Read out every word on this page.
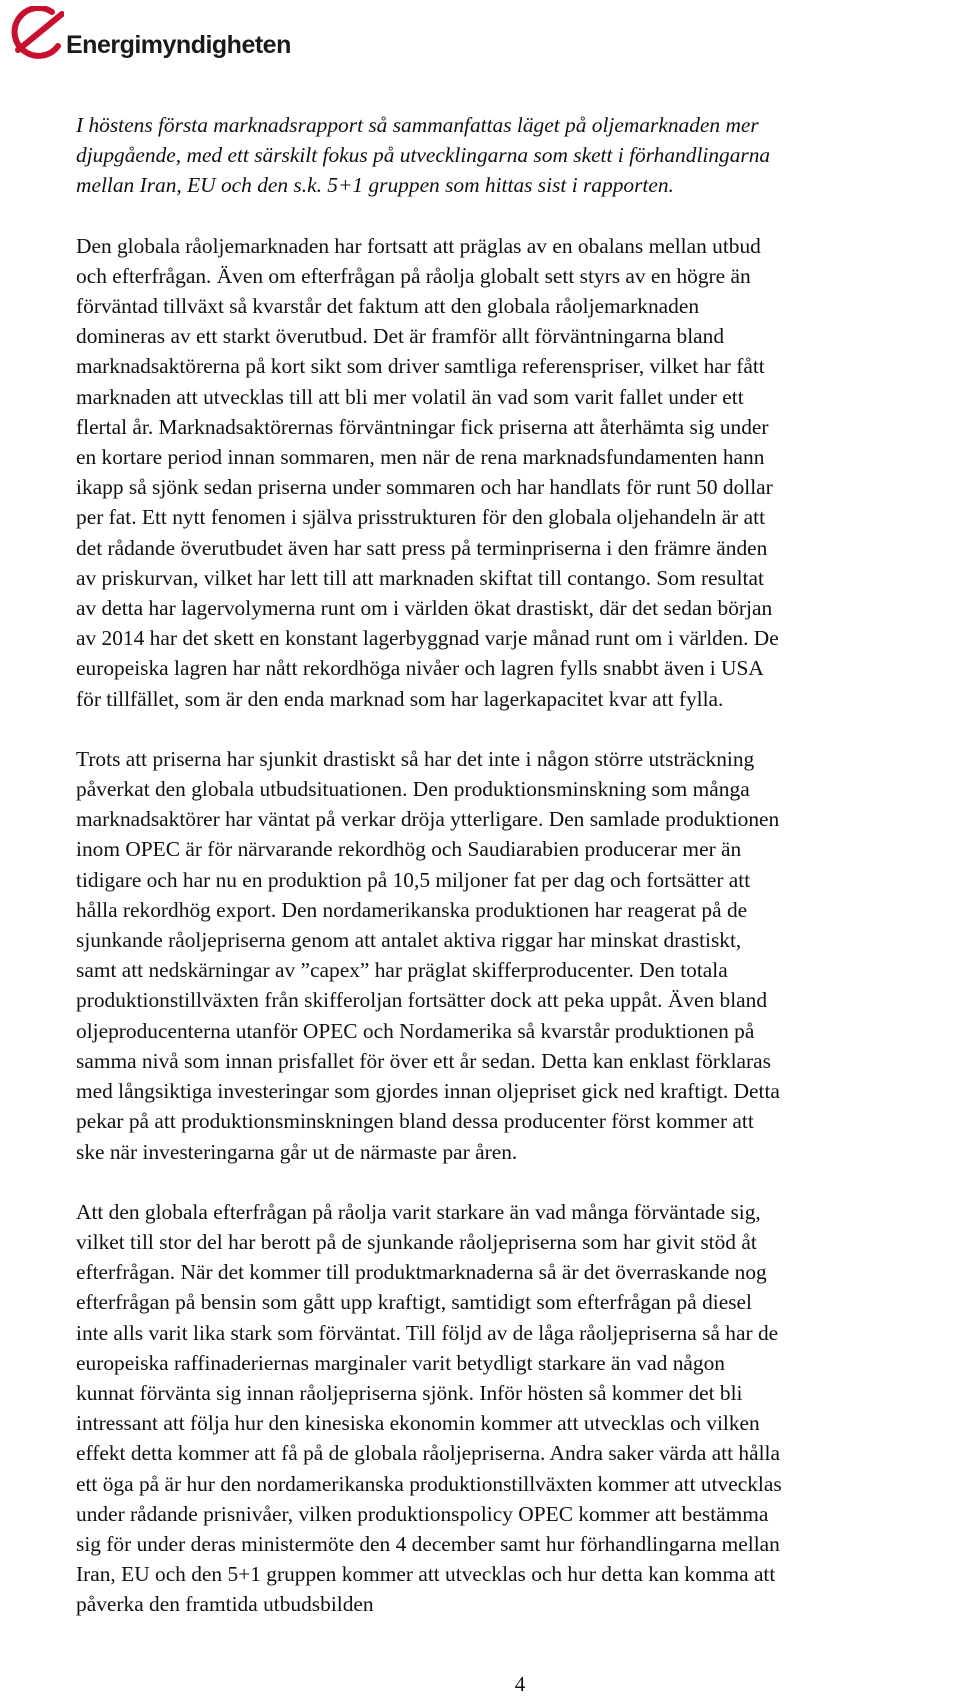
Energimyndigheten

I höstens första marknadsrapport så sammanfattas läget på oljemarknaden mer
djupgående, med ett särskilt fokus på utvecklingarna som skett i förhandlingarna
mellan Iran, EU och den s.k. 5+1 gruppen som hittas sist i rapporten.

Den globala råoljemarknaden har fortsatt att präglas av en obalans mellan utbud
och efterfrågan. Även om efterfrågan på råolja globalt sett styrs av en högre än
förväntad tillväxt så kvarstår det faktum att den globala råoljemarknaden
domineras av ett starkt överutbud. Det är framför allt förväntningarna bland
marknadsaktörerna på kort sikt som driver samtliga referenspriser, vilket har fått
marknaden att utvecklas till att bli mer volatil än vad som varit fallet under ett
flertal år. Marknadsaktörernas förväntningar fick priserna att återhämta sig under
en kortare period innan sommaren, men när de rena marknadsfundamenten hann
ikapp så sjönk sedan priserna under sommaren och har handlats för runt 50 dollar
per fat. Ett nytt fenomen i själva prisstrukturen för den globala oljehandeln är att
det rådande överutbudet även har satt press på terminpriserna i den främre änden
av priskurvan, vilket har lett till att marknaden skiftat till contango. Som resultat
av detta har lagervolymerna runt om i världen ökat drastiskt, där det sedan början
av 2014 har det skett en konstant lagerbyggnad varje månad runt om i världen. De
europeiska lagren har nått rekordhöga nivåer och lagren fylls snabbt även i USA
för tillfället, som är den enda marknad som har lagerkapacitet kvar att fylla.

Trots att priserna har sjunkit drastiskt så har det inte i någon större utsträckning
påverkat den globala utbudsituationen. Den produktionsminskning som många
marknadsaktörer har väntat på verkar dröja ytterligare. Den samlade produktionen
inom OPEC är för närvarande rekordhög och Saudiarabien producerar mer än
tidigare och har nu en produktion på 10,5 miljoner fat per dag och fortsätter att
hålla rekordhög export. Den nordamerikanska produktionen har reagerat på de
sjunkande råoljepriserna genom att antalet aktiva riggar har minskat drastiskt,
samt att nedskärningar av ”capex” har präglat skifferproducenter. Den totala
produktionstillväxten från skifferoljan fortsätter dock att peka uppåt. Även bland
oljeproducenterna utanför OPEC och Nordamerika så kvarstår produktionen på
samma nivå som innan prisfallet för över ett år sedan. Detta kan enklast förklaras
med långsiktiga investeringar som gjordes innan oljepriset gick ned kraftigt. Detta
pekar på att produktionsminskningen bland dessa producenter först kommer att
ske när investeringarna går ut de närmaste par åren.

Att den globala efterfrågan på råolja varit starkare än vad många förväntade sig,
vilket till stor del har berott på de sjunkande råoljepriserna som har givit stöd åt
efterfrågan. När det kommer till produktmarknaderna så är det överraskande nog
efterfrågan på bensin som gått upp kraftigt, samtidigt som efterfrågan på diesel
inte alls varit lika stark som förväntat. Till följd av de låga råoljepriserna så har de
europeiska raffinaderiernas marginaler varit betydligt starkare än vad någon
kunnat förvänta sig innan råoljepriserna sjönk. Inför hösten så kommer det bli
intressant att följa hur den kinesiska ekonomin kommer att utvecklas och vilken
effekt detta kommer att få på de globala råoljepriserna. Andra saker värda att hålla
ett öga på är hur den nordamerikanska produktionstillväxten kommer att utvecklas
under rådande prisnivåer, vilken produktionspolicy OPEC kommer att bestämma
sig för under deras ministermöte den 4 december samt hur förhandlingarna mellan
Iran, EU och den 5+1 gruppen kommer att utvecklas och hur detta kan komma att
påverka den framtida utbudsbilden

4
